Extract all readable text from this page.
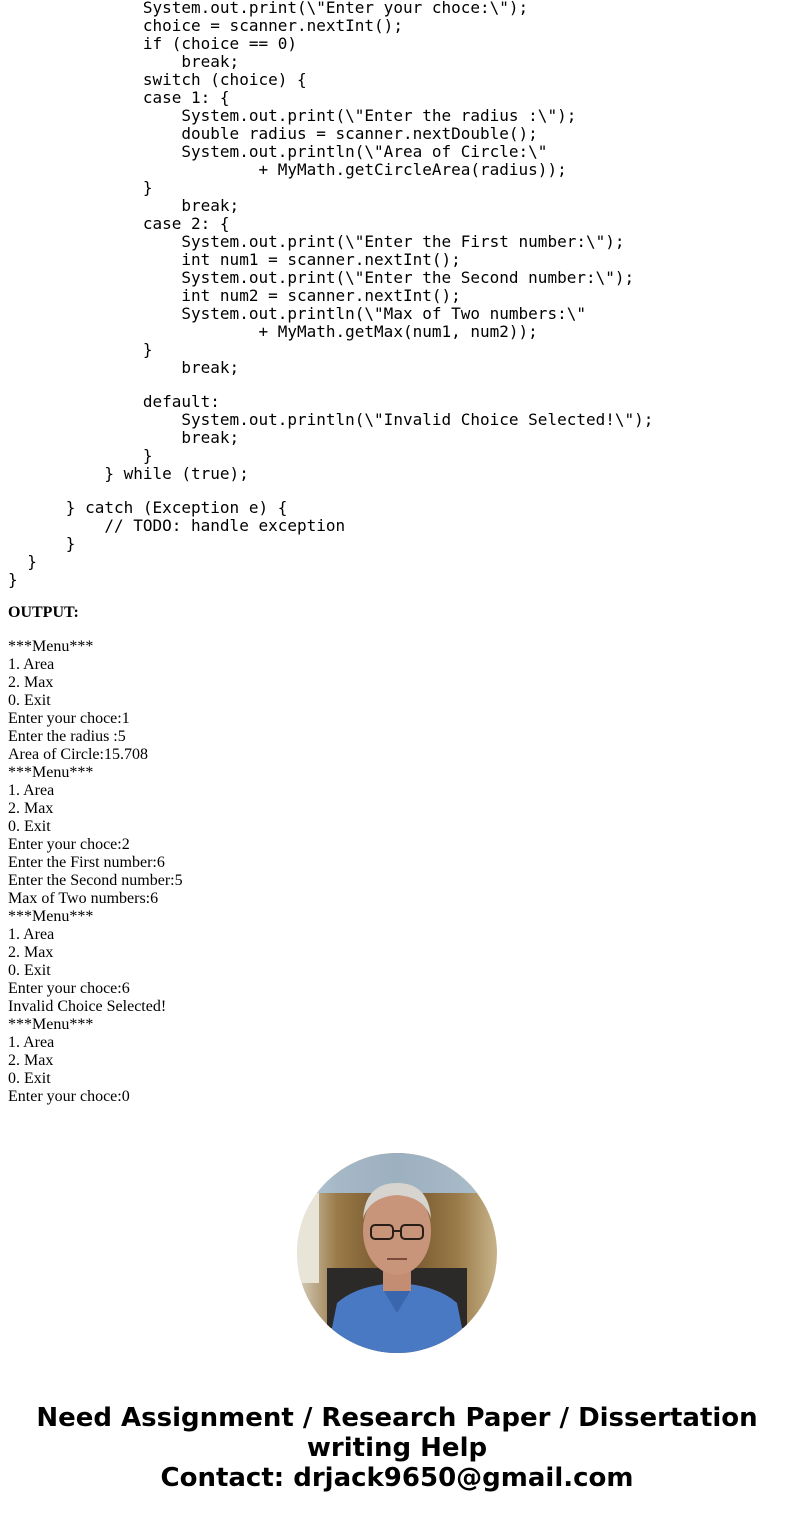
System.out.print(\"Enter your choce:\");
choice = scanner.nextInt();
if (choice == 0)
break;
switch (choice) {
case 1: {
System.out.print(\"Enter the radius :\");
double radius = scanner.nextDouble();
System.out.println(\"Area of Circle:\"
+ MyMath.getCircleArea(radius));
}
break;
case 2: {
System.out.print(\"Enter the First number:\");
int num1 = scanner.nextInt();
System.out.print(\"Enter the Second number:\");
int num2 = scanner.nextInt();
System.out.println(\"Max of Two numbers:\"
+ MyMath.getMax(num1, num2));
}
break;
default:
System.out.println(\"Invalid Choice Selected!\");
break;
}
} while (true);
} catch (Exception e) {
// TODO: handle exception
}
}
}
OUTPUT:
***Menu***
1. Area
2. Max
0. Exit
Enter your choce:1
Enter the radius :5
Area of Circle:15.708
***Menu***
1. Area
2. Max
0. Exit
Enter your choce:2
Enter the First number:6
Enter the Second number:5
Max of Two numbers:6
***Menu***
1. Area
2. Max
0. Exit
Enter your choce:6
Invalid Choice Selected!
***Menu***
1. Area
2. Max
0. Exit
Enter your choce:0
Need Assignment / Research Paper / Dissertation
writing Help
Contact: drjack9650@gmail.com
